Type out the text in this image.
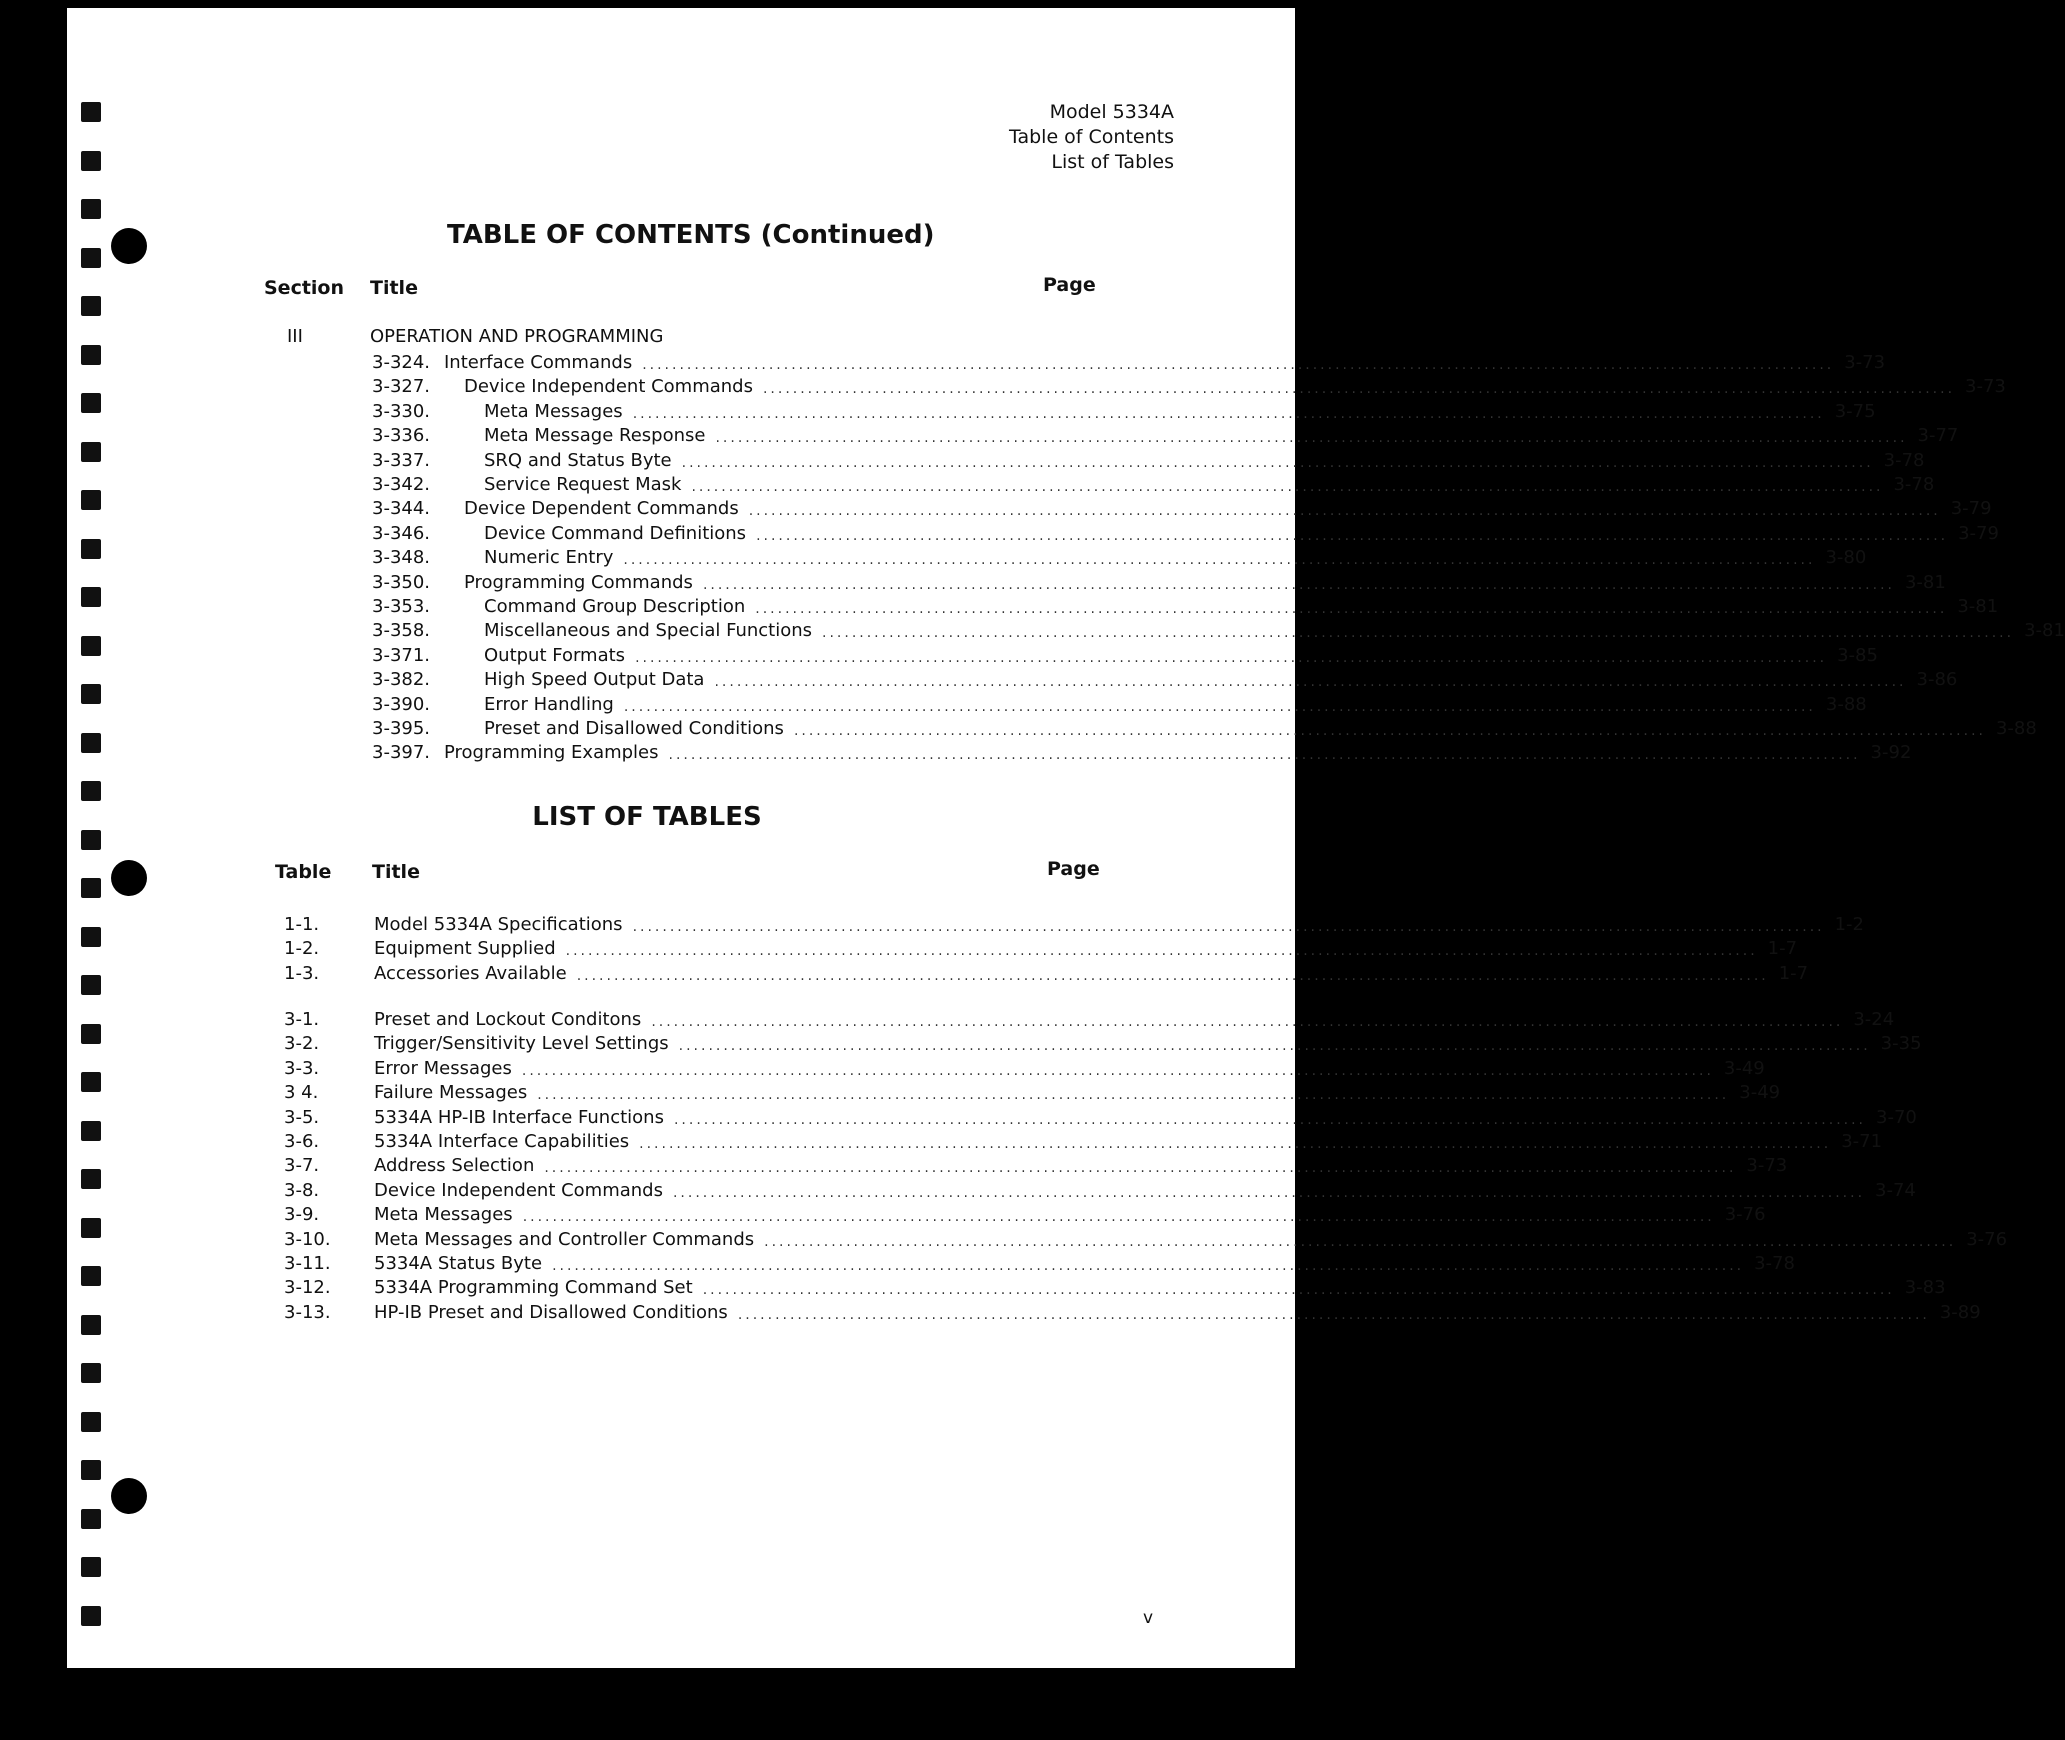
Model 5334A
Table of Contents
List of Tables
TABLE OF CONTENTS (Continued)
Section Title	Page
III	OPERATION AND PROGRAMMING
3-324. Interface Commands ................................................................................................................................................................ 3-73
3-327. Device Independent Commands ................................................................................................................................................................ 3-73
3-330.	Meta Messages ................................................................................................................................................................ 3-75
3-336.	Meta Message Response ................................................................................................................................................................ 3-77
3-337.	SRQ and Status Byte ................................................................................................................................................................ 3-78
3-342.	Service Request Mask ................................................................................................................................................................ 3-78
3-344. Device Dependent Commands ................................................................................................................................................................ 3-79
3-346.	Device Command Definitions ................................................................................................................................................................ 3-79
3-348.	Numeric Entry ................................................................................................................................................................ 3-80
3-350. Programming Commands ................................................................................................................................................................ 3-81
3-353.	Command Group Description ................................................................................................................................................................ 3-81
3-358.	Miscellaneous and Special Functions ................................................................................................................................................................ 3-81
3-371.	Output Formats ................................................................................................................................................................ 3-85
3-382.	High Speed Output Data ................................................................................................................................................................ 3-86
3-390.	Error Handling ................................................................................................................................................................ 3-88
3-395.	Preset and Disallowed Conditions ................................................................................................................................................................ 3-88
3-397. Programming Examples ................................................................................................................................................................ 3-92
LIST OF TABLES
Table Title	Page
1-1.	Model 5334A Specifications ................................................................................................................................................................ 1-2
1-2.	Equipment Supplied ................................................................................................................................................................ 1-7
1-3.	Accessories Available ................................................................................................................................................................ 1-7
3-1.	Preset and Lockout Conditons ................................................................................................................................................................ 3-24
3-2.	Trigger/Sensitivity Level Settings ................................................................................................................................................................ 3-35
3-3.	Error Messages ................................................................................................................................................................ 3-49
3 4.	Failure Messages ................................................................................................................................................................ 3-49
3-5.	5334A HP-IB Interface Functions ................................................................................................................................................................ 3-70
3-6.	5334A Interface Capabilities ................................................................................................................................................................ 3-71
3-7.	Address Selection ................................................................................................................................................................ 3-73
3-8.	Device Independent Commands ................................................................................................................................................................ 3-74
3-9.	Meta Messages ................................................................................................................................................................ 3-76
3-10. Meta Messages and Controller Commands ................................................................................................................................................................ 3-76
3-11. 5334A Status Byte ................................................................................................................................................................ 3-78
3-12. 5334A Programming Command Set ................................................................................................................................................................ 3-83
3-13. HP-IB Preset and Disallowed Conditions ................................................................................................................................................................ 3-89
v
